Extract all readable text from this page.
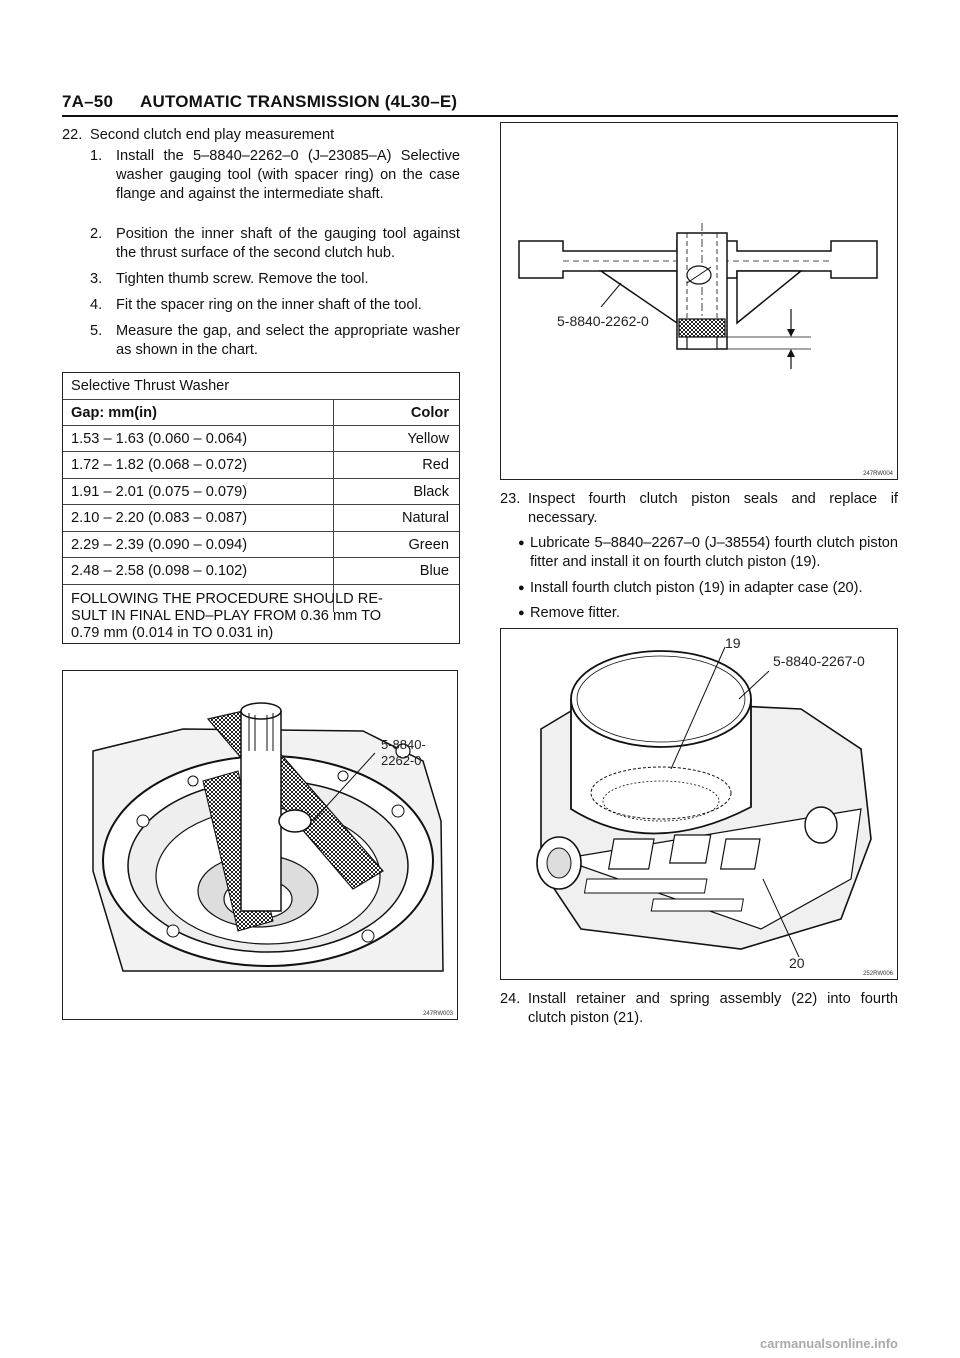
7A–50 AUTOMATIC TRANSMISSION (4L30–E)
22. Second clutch end play measurement
1. Install the 5–8840–2262–0 (J–23085–A) Selective washer gauging tool (with spacer ring) on the case flange and against the intermediate shaft.
2. Position the inner shaft of the gauging tool against the thrust surface of the second clutch hub.
3. Tighten thumb screw. Remove the tool.
4. Fit the spacer ring on the inner shaft of the tool.
5. Measure the gap, and select the appropriate washer as shown in the chart.
Selective Thrust Washer
Gap: mm(in)	Color
1.53 – 1.63 (0.060 – 0.064)	Yellow
1.72 – 1.82 (0.068 – 0.072)	Red
1.91 – 2.01 (0.075 – 0.079)	Black
2.10 – 2.20 (0.083 – 0.087)	Natural
2.29 – 2.39 (0.090 – 0.094)	Green
2.48 – 2.58 (0.098 – 0.102)	Blue
FOLLOWING THE PROCEDURE SHOULD RE-
SULT IN FINAL END–PLAY FROM 0.36 mm TO
0.79 mm (0.014 in TO 0.031 in)
5-8840-
2262-0
247RW003
5-8840-2262-0
247RW004
23. Inspect fourth clutch piston seals and replace if necessary.
● Lubricate 5–8840–2267–0 (J–38554) fourth clutch piston fitter and install it on fourth clutch piston (19).
● Install fourth clutch piston (19) in adapter case (20).
● Remove fitter.
19
5-8840-2267-0
20
252RW006
24. Install retainer and spring assembly (22) into fourth clutch piston (21).
carmanualsonline.info
